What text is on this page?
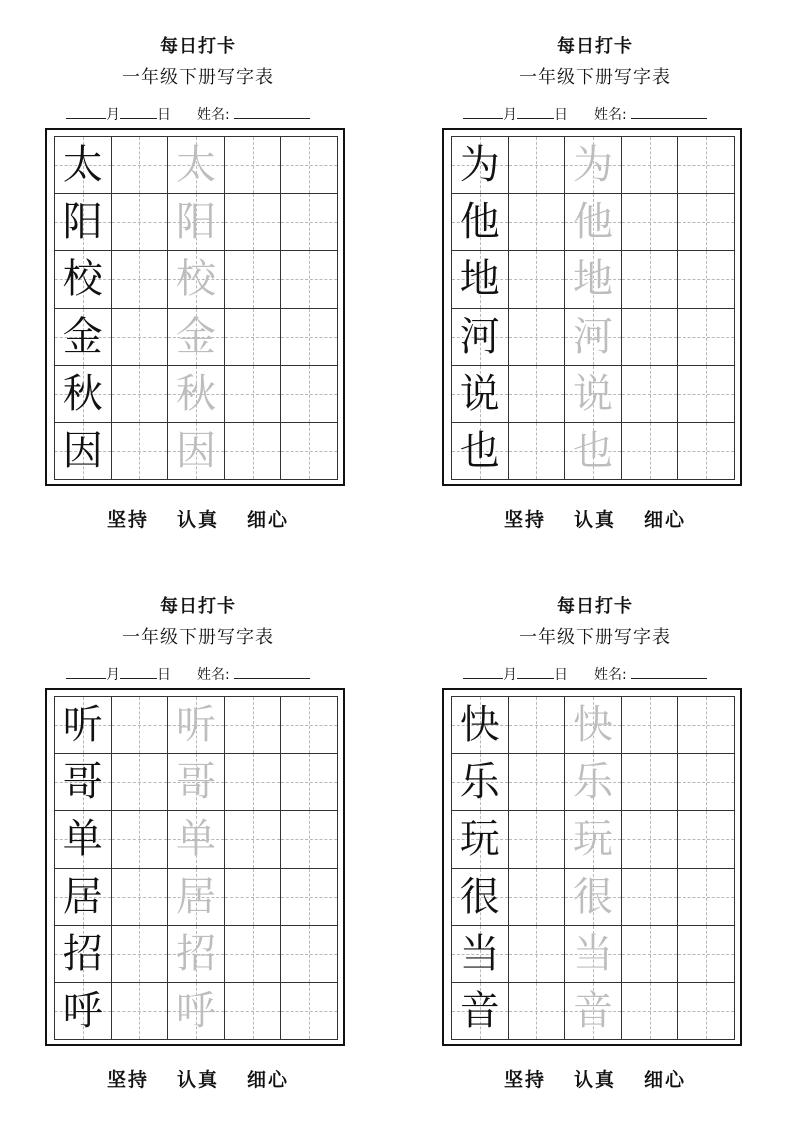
每日打卡
一年级下册写字表
月	日 姓名:
太 太
阳 阳
校 校
金 金
秋 秋
因 因
坚持 认真 细心
每日打卡
一年级下册写字表
月	日 姓名:
为 为
他 他
地 地
河 河
说 说
也 也
坚持 认真 细心
每日打卡
一年级下册写字表
月	日 姓名:
听 听
哥 哥
单 单
居 居
招 招
呼 呼
坚持 认真 细心
每日打卡
一年级下册写字表
月	日 姓名:
快 快
乐 乐
玩 玩
很 很
当 当
音 音
坚持 认真 细心
